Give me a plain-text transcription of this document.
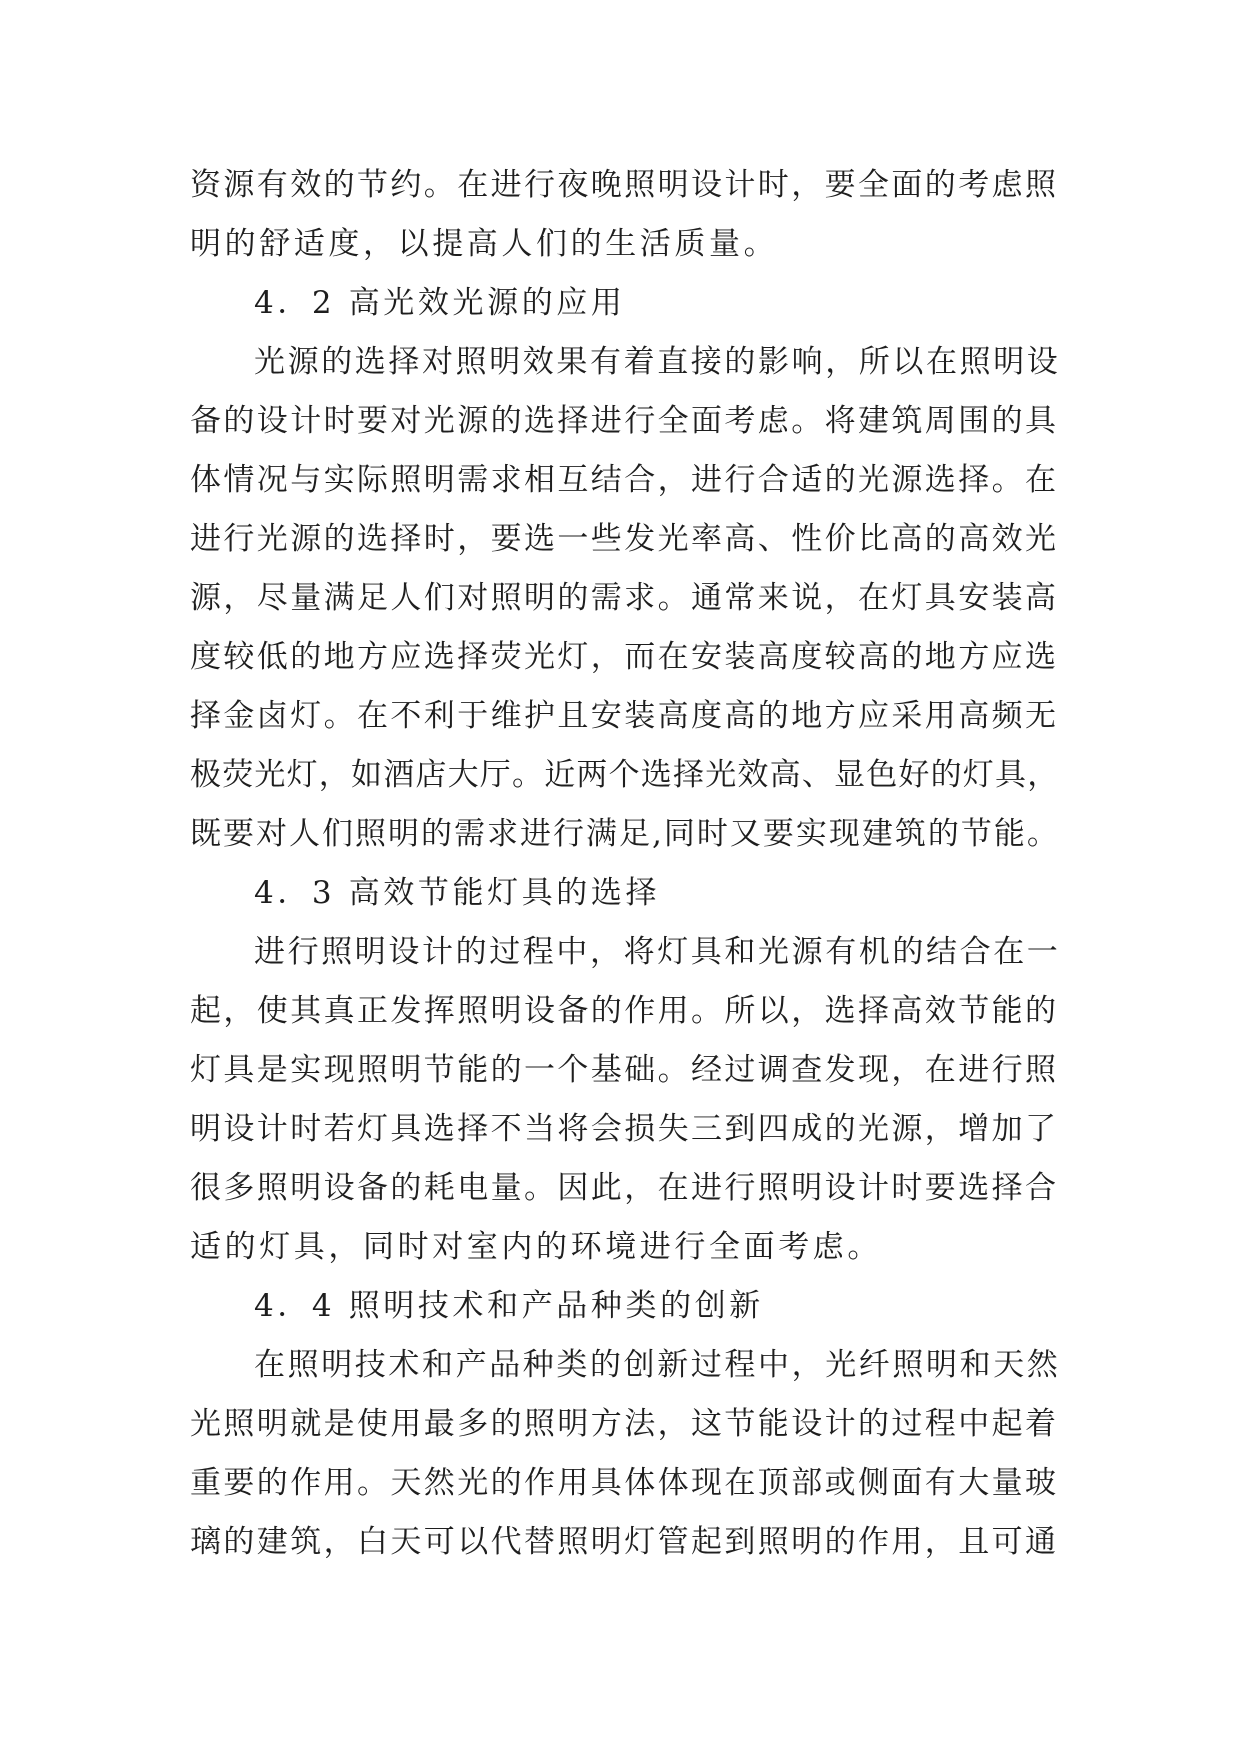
资源有效的节约。在进行夜晚照明设计时，要全面的考虑照
明的舒适度，以提高人们的生活质量。
4．2 高光效光源的应用
光源的选择对照明效果有着直接的影响，所以在照明设
备的设计时要对光源的选择进行全面考虑。将建筑周围的具
体情况与实际照明需求相互结合，进行合适的光源选择。在
进行光源的选择时，要选一些发光率高、性价比高的高效光
源，尽量满足人们对照明的需求。通常来说，在灯具安装高
度较低的地方应选择荧光灯，而在安装高度较高的地方应选
择金卤灯。在不利于维护且安装高度高的地方应采用高频无
极荧光灯，如酒店大厅。近两个选择光效高、显色好的灯具，
既要对人们照明的需求进行满足,同时又要实现建筑的节能。
4．3 高效节能灯具的选择
进行照明设计的过程中，将灯具和光源有机的结合在一
起，使其真正发挥照明设备的作用。所以，选择高效节能的
灯具是实现照明节能的一个基础。经过调查发现，在进行照
明设计时若灯具选择不当将会损失三到四成的光源，增加了
很多照明设备的耗电量。因此，在进行照明设计时要选择合
适的灯具，同时对室内的环境进行全面考虑。
4．4 照明技术和产品种类的创新
在照明技术和产品种类的创新过程中，光纤照明和天然
光照明就是使用最多的照明方法，这节能设计的过程中起着
重要的作用。天然光的作用具体体现在顶部或侧面有大量玻
璃的建筑，白天可以代替照明灯管起到照明的作用，且可通
